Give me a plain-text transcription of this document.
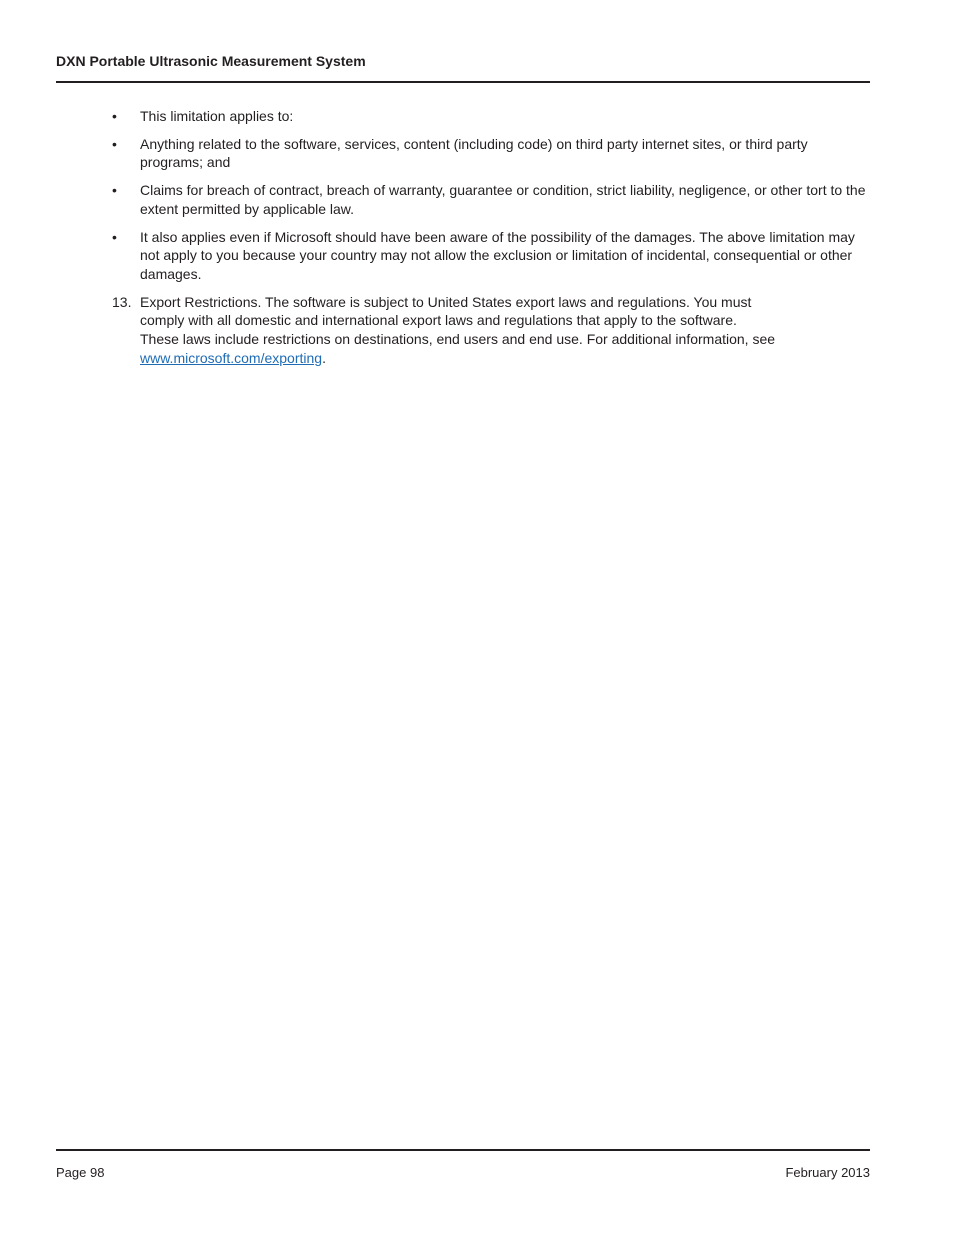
DXN Portable Ultrasonic Measurement System
• This limitation applies to:
• Anything related to the software, services, content (including code) on third party internet sites, or third party programs; and
• Claims for breach of contract, breach of warranty, guarantee or condition, strict liability, negligence, or other tort to the extent permitted by applicable law.
• It also applies even if Microsoft should have been aware of the possibility of the damages. The above limitation may not apply to you because your country may not allow the exclusion or limitation of incidental, consequential or other damages.
13. Export Restrictions. The software is subject to United States export laws and regulations. You must
comply with all domestic and international export laws and regulations that apply to the software.
These laws include restrictions on destinations, end users and end use. For additional information, see
www.microsoft.com/exporting.
Page 98	February 2013
